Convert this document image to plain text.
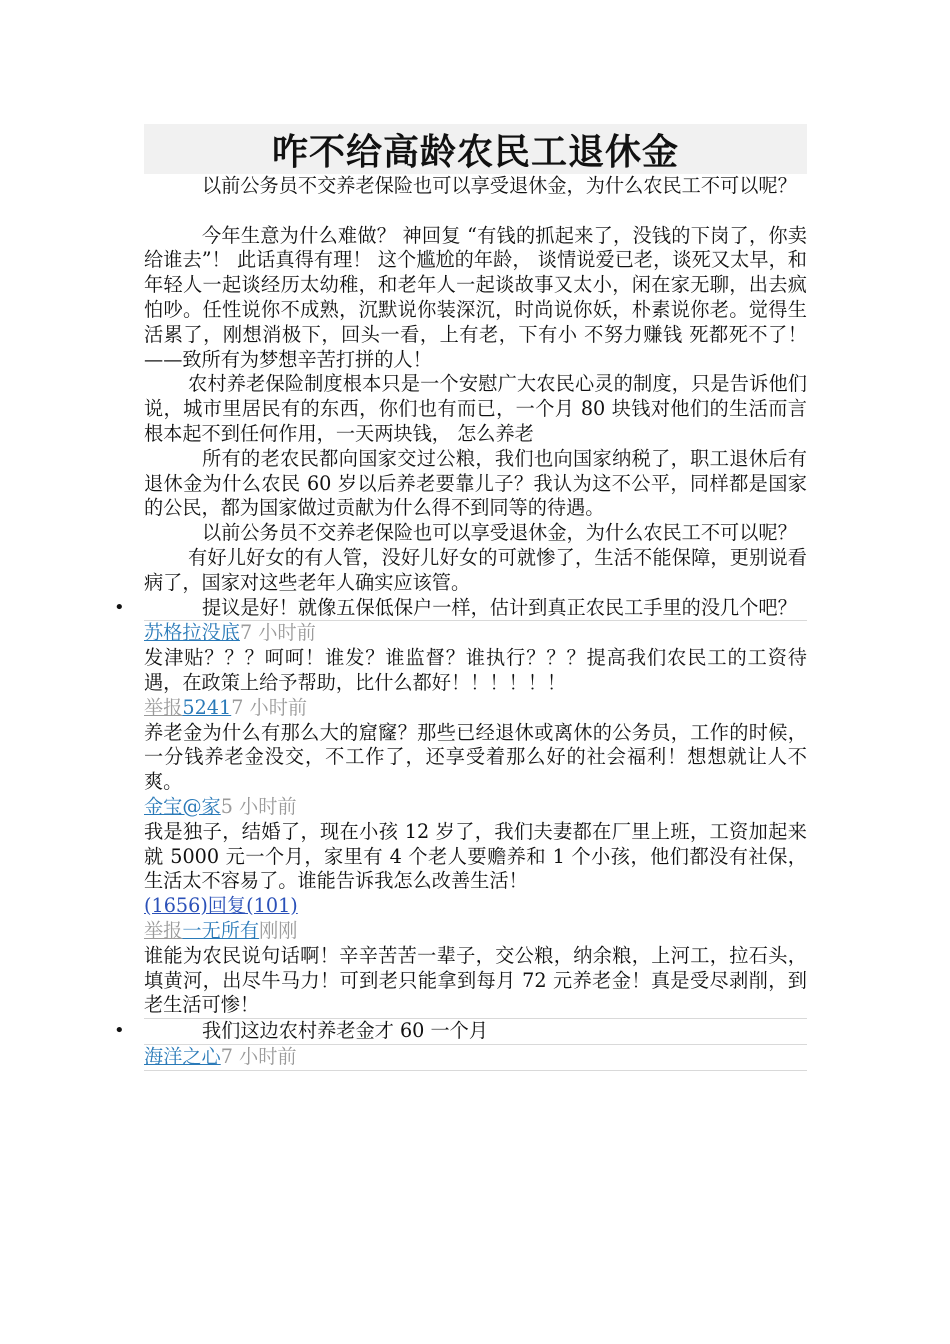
咋不给高龄农民工退休金

以前公务员不交养老保险也可以享受退休金，为什么农民工不可以呢？

今年生意为什么难做？ 神回复 “有钱的抓起来了，没钱的下岗了，你卖给谁去”！ 此话真得有理！ 这个尴尬的年龄， 谈情说爱已老，谈死又太早，和年轻人一起谈经历太幼稚，和老年人一起谈故事又太小，闲在家无聊，出去疯怕吵。任性说你不成熟，沉默说你装深沉，时尚说你妖，朴素说你老。觉得生活累了，刚想消极下，回头一看，上有老，下有小 不努力赚钱 死都死不了！ ——致所有为梦想辛苦打拼的人！

农村养老保险制度根本只是一个安慰广大农民心灵的制度，只是告诉他们说，城市里居民有的东西，你们也有而已，一个月 80 块钱对他们的生活而言根本起不到任何作用，一天两块钱， 怎么养老

所有的老农民都向国家交过公粮，我们也向国家纳税了，职工退休后有退休金为什么农民 60 岁以后养老要靠儿子？我认为这不公平，同样都是国家的公民，都为国家做过贡献为什么得不到同等的待遇。

以前公务员不交养老保险也可以享受退休金，为什么农民工不可以呢？

有好儿好女的有人管，没好儿好女的可就惨了，生活不能保障，更别说看病了，国家对这些老年人确实应该管。

•	提议是好！就像五保低保户一样，估计到真正农民工手里的没几个吧？

苏格拉没底7 小时前

发津贴？？？呵呵！谁发？谁监督？谁执行？？？提高我们农民工的工资待遇，在政策上给予帮助，比什么都好！！！！！！

举报52417 小时前

养老金为什么有那么大的窟窿？那些已经退休或离休的公务员，工作的时候，一分钱养老金没交，不工作了，还享受着那么好的社会福利！想想就让人不爽。

金宝@家5 小时前

我是独子，结婚了，现在小孩 12 岁了，我们夫妻都在厂里上班，工资加起来就 5000 元一个月，家里有 4 个老人要赡养和 1 个小孩，他们都没有社保，生活太不容易了。谁能告诉我怎么改善生活！

(1656)回复(101)
举报一无所有刚刚

谁能为农民说句话啊！辛辛苦苦一辈子，交公粮，纳余粮，上河工，拉石头，填黄河，出尽牛马力！可到老只能拿到每月 72 元养老金！真是受尽剥削，到老生活可惨！

•	我们这边农村养老金才 60 一个月

海洋之心7 小时前
